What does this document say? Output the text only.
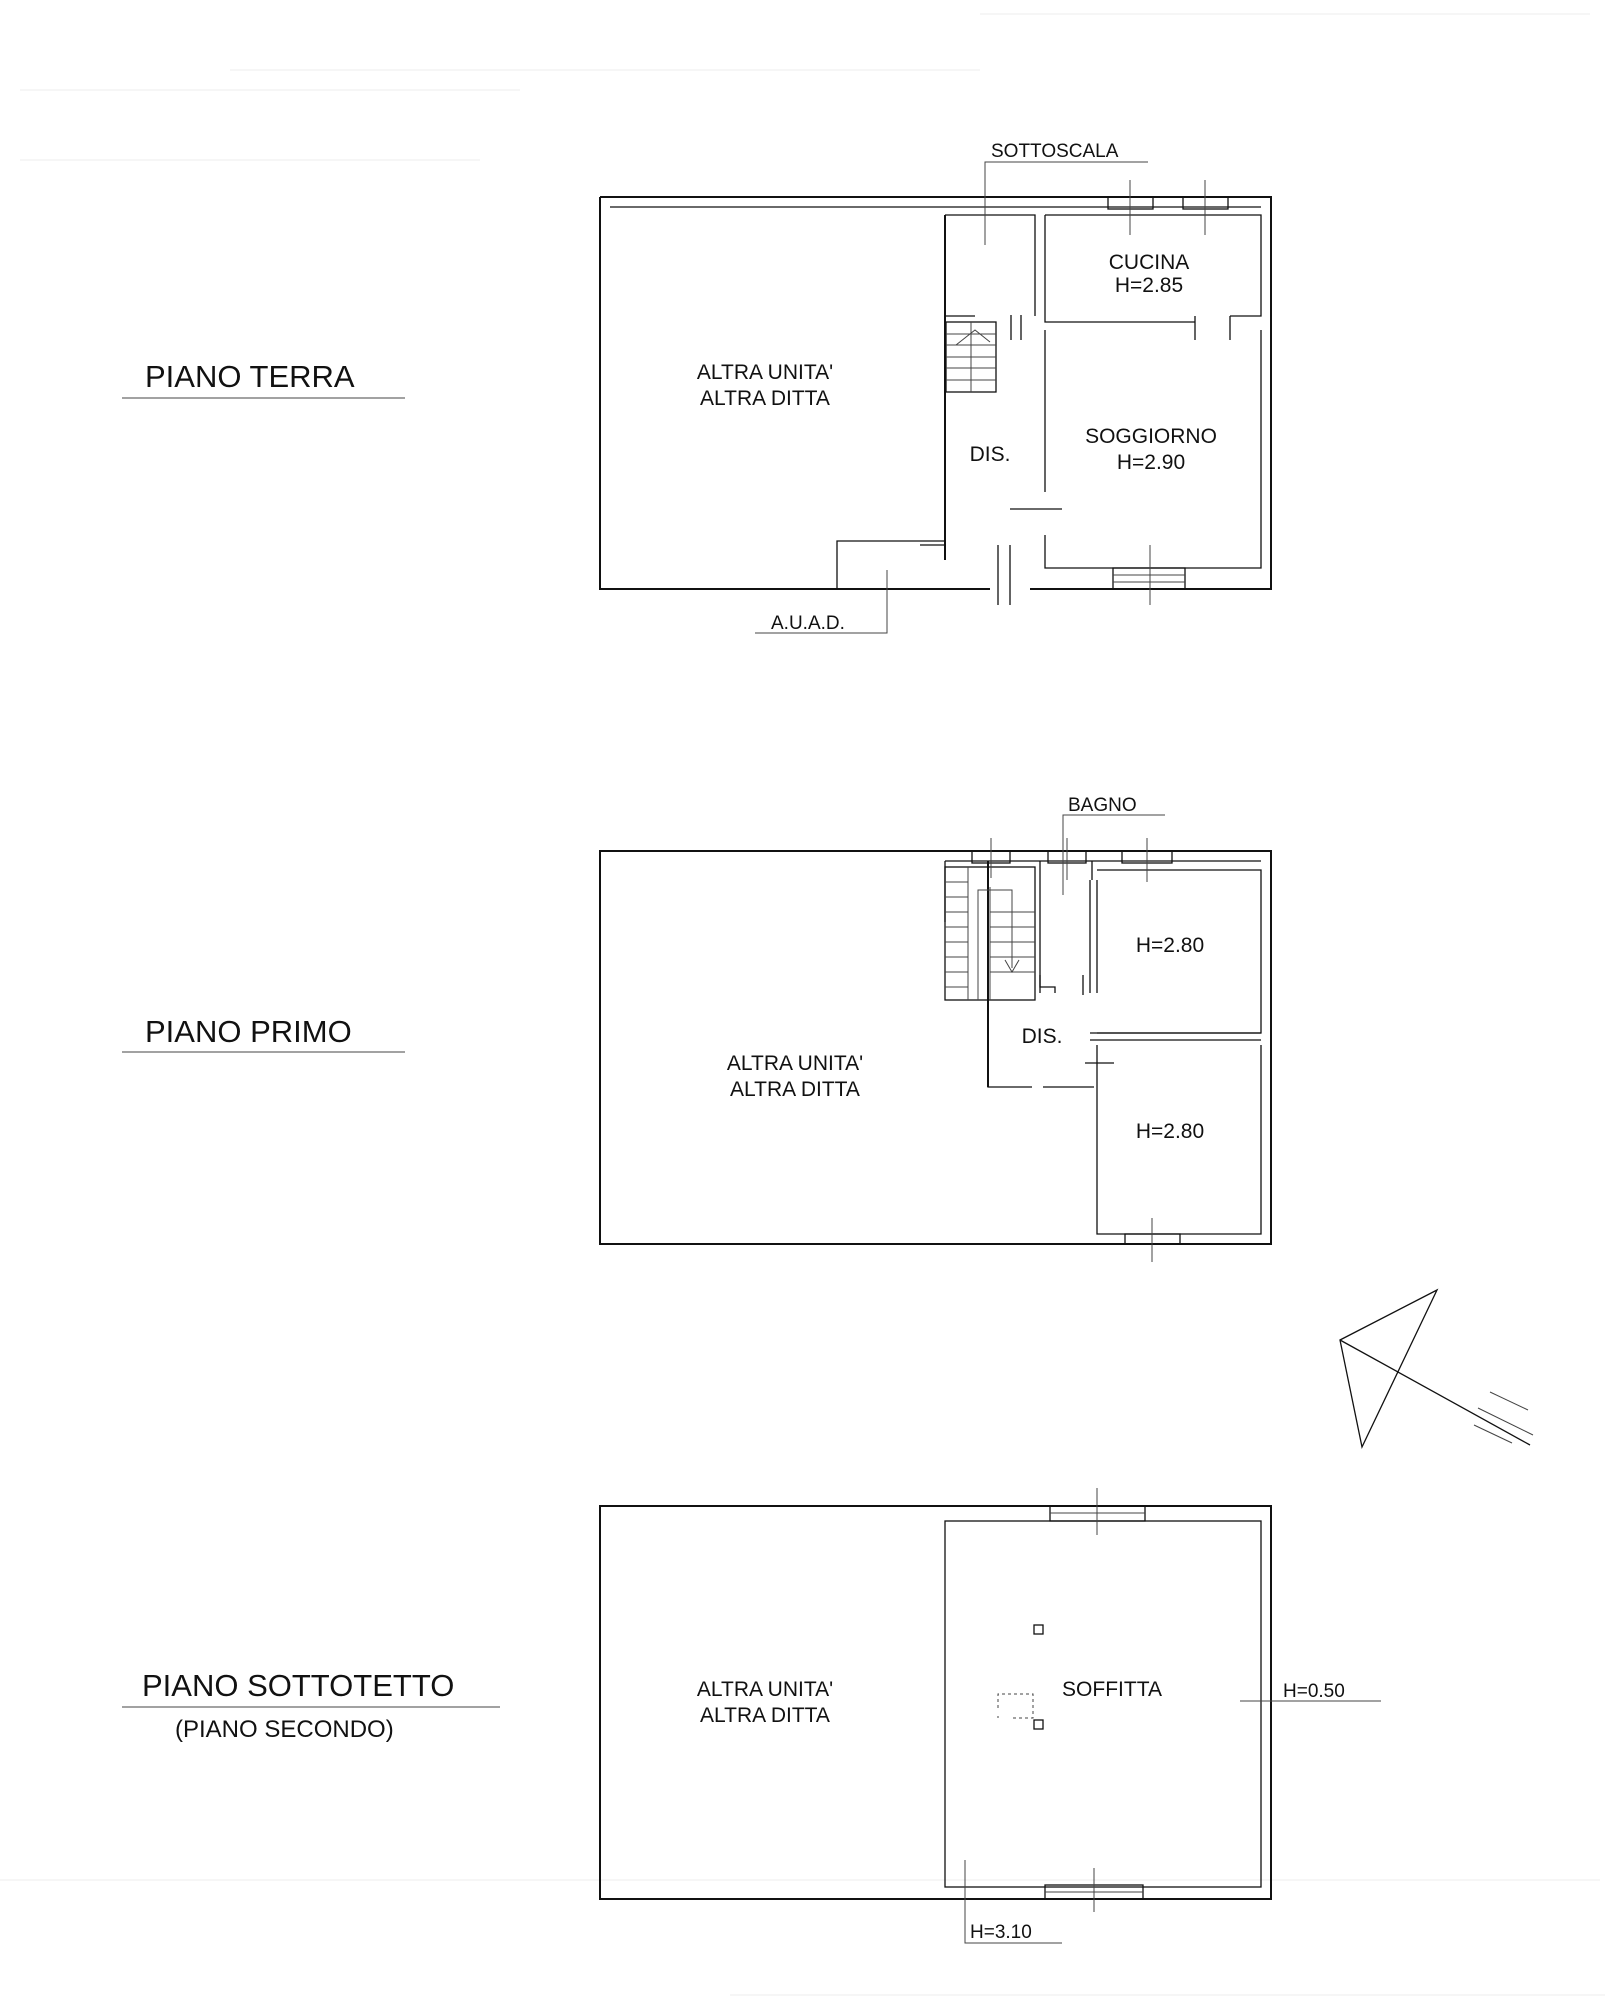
PIANO TERRA
SOTTOSCALA
A.U.A.D.
ALTRA UNITA'
ALTRA DITTA
CUCINA
H=2.85
SOGGIORNO
H=2.90
DIS.
PIANO PRIMO
BAGNO
ALTRA UNITA'
ALTRA DITTA
H=2.80
H=2.80
DIS.
PIANO SOTTOTETTO
(PIANO SECONDO)
H=0.50
H=3.10
ALTRA UNITA'
ALTRA DITTA
SOFFITTA
